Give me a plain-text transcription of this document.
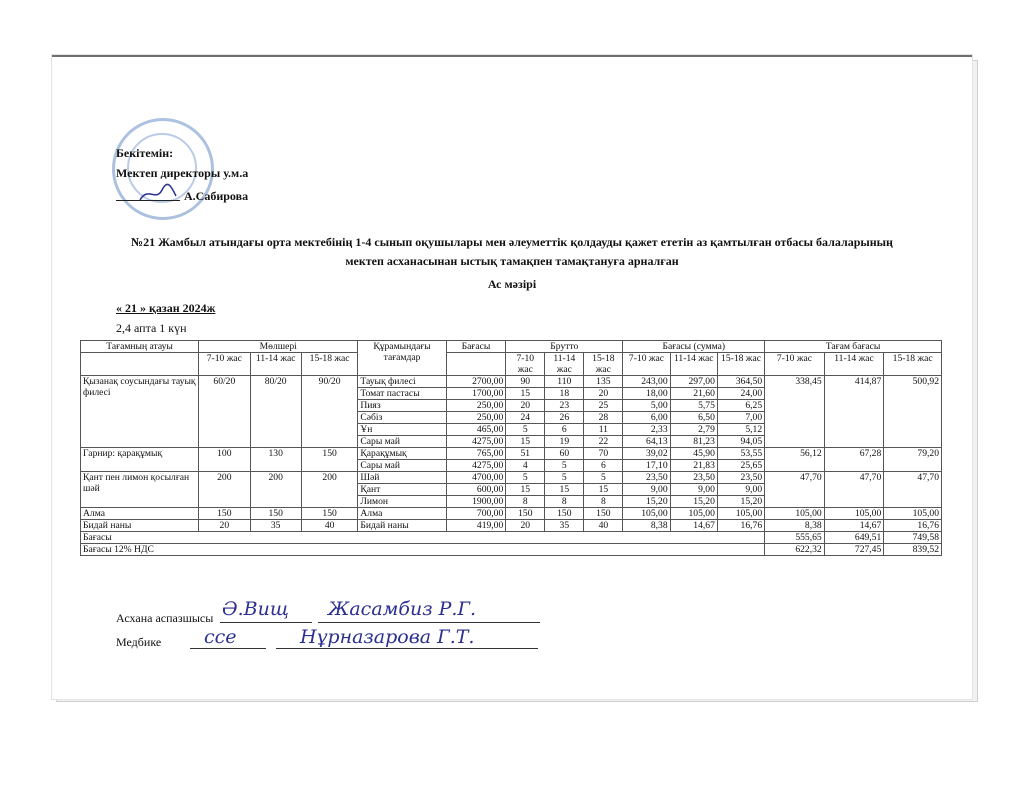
Бекітемін:
Мектеп директоры у.м.а
А.Сабирова
№21 Жамбыл атындағы орта мектебінің 1-4 сынып оқушылары мен әлеуметтік қолдауды қажет ететін аз қамтылған отбасы балаларының
мектеп асханасынан ыстық тамақпен тамақтануға арналған
Ас мәзірі
« 21 » қазан 2024ж
2,4 апта 1 күн
Тағамның атауы	Мөлшері			Құрамындағы тағамдар	Бағасы	Брутто			Бағасы (сумма)			Тағам бағасы		
	7-10 жас	11-14 жас	15-18 жас			7-10 жас	11-14 жас	15-18 жас	7-10 жас	11-14 жас	15-18 жас	7-10 жас	11-14 жас	15-18 жас
Қызанақ соусындағы тауық филесі	60/20	80/20	90/20	Тауық филесі	2700,00	90	110	135	243,00	297,00	364,50	338,45	414,87	500,92
				Томат пастасы	1700,00	15	18	20	18,00	21,60	24,00			
				Пияз	250,00	20	23	25	5,00	5,75	6,25			
				Сәбіз	250,00	24	26	28	6,00	6,50	7,00			
				Ұн	465,00	5	6	11	2,33	2,79	5,12			
				Сары май	4275,00	15	19	22	64,13	81,23	94,05			
Гарнир: қарақұмық	100	130	150	Қарақұмық	765,00	51	60	70	39,02	45,90	53,55	56,12	67,28	79,20
				Сары май	4275,00	4	5	6	17,10	21,83	25,65			
Қант пен лимон қосылған шәй	200	200	200	Шәй	4700,00	5	5	5	23,50	23,50	23,50	47,70	47,70	47,70
				Қант	600,00	15	15	15	9,00	9,00	9,00			
				Лимон	1900,00	8	8	8	15,20	15,20	15,20			
Алма	150	150	150	Алма	700,00	150	150	150	105,00	105,00	105,00	105,00	105,00	105,00
Бидай наны	20	35	40	Бидай наны	419,00	20	35	40	8,38	14,67	16,76	8,38	14,67	16,76
Бағасы												555,65	649,51	749,58
Бағасы 12% НДС												622,32	727,45	839,52
Асхана аспазшысы Ә.Вищ Жасамбиз Р.Г.
Медбике ссе	Нұрназарова Г.Т.
